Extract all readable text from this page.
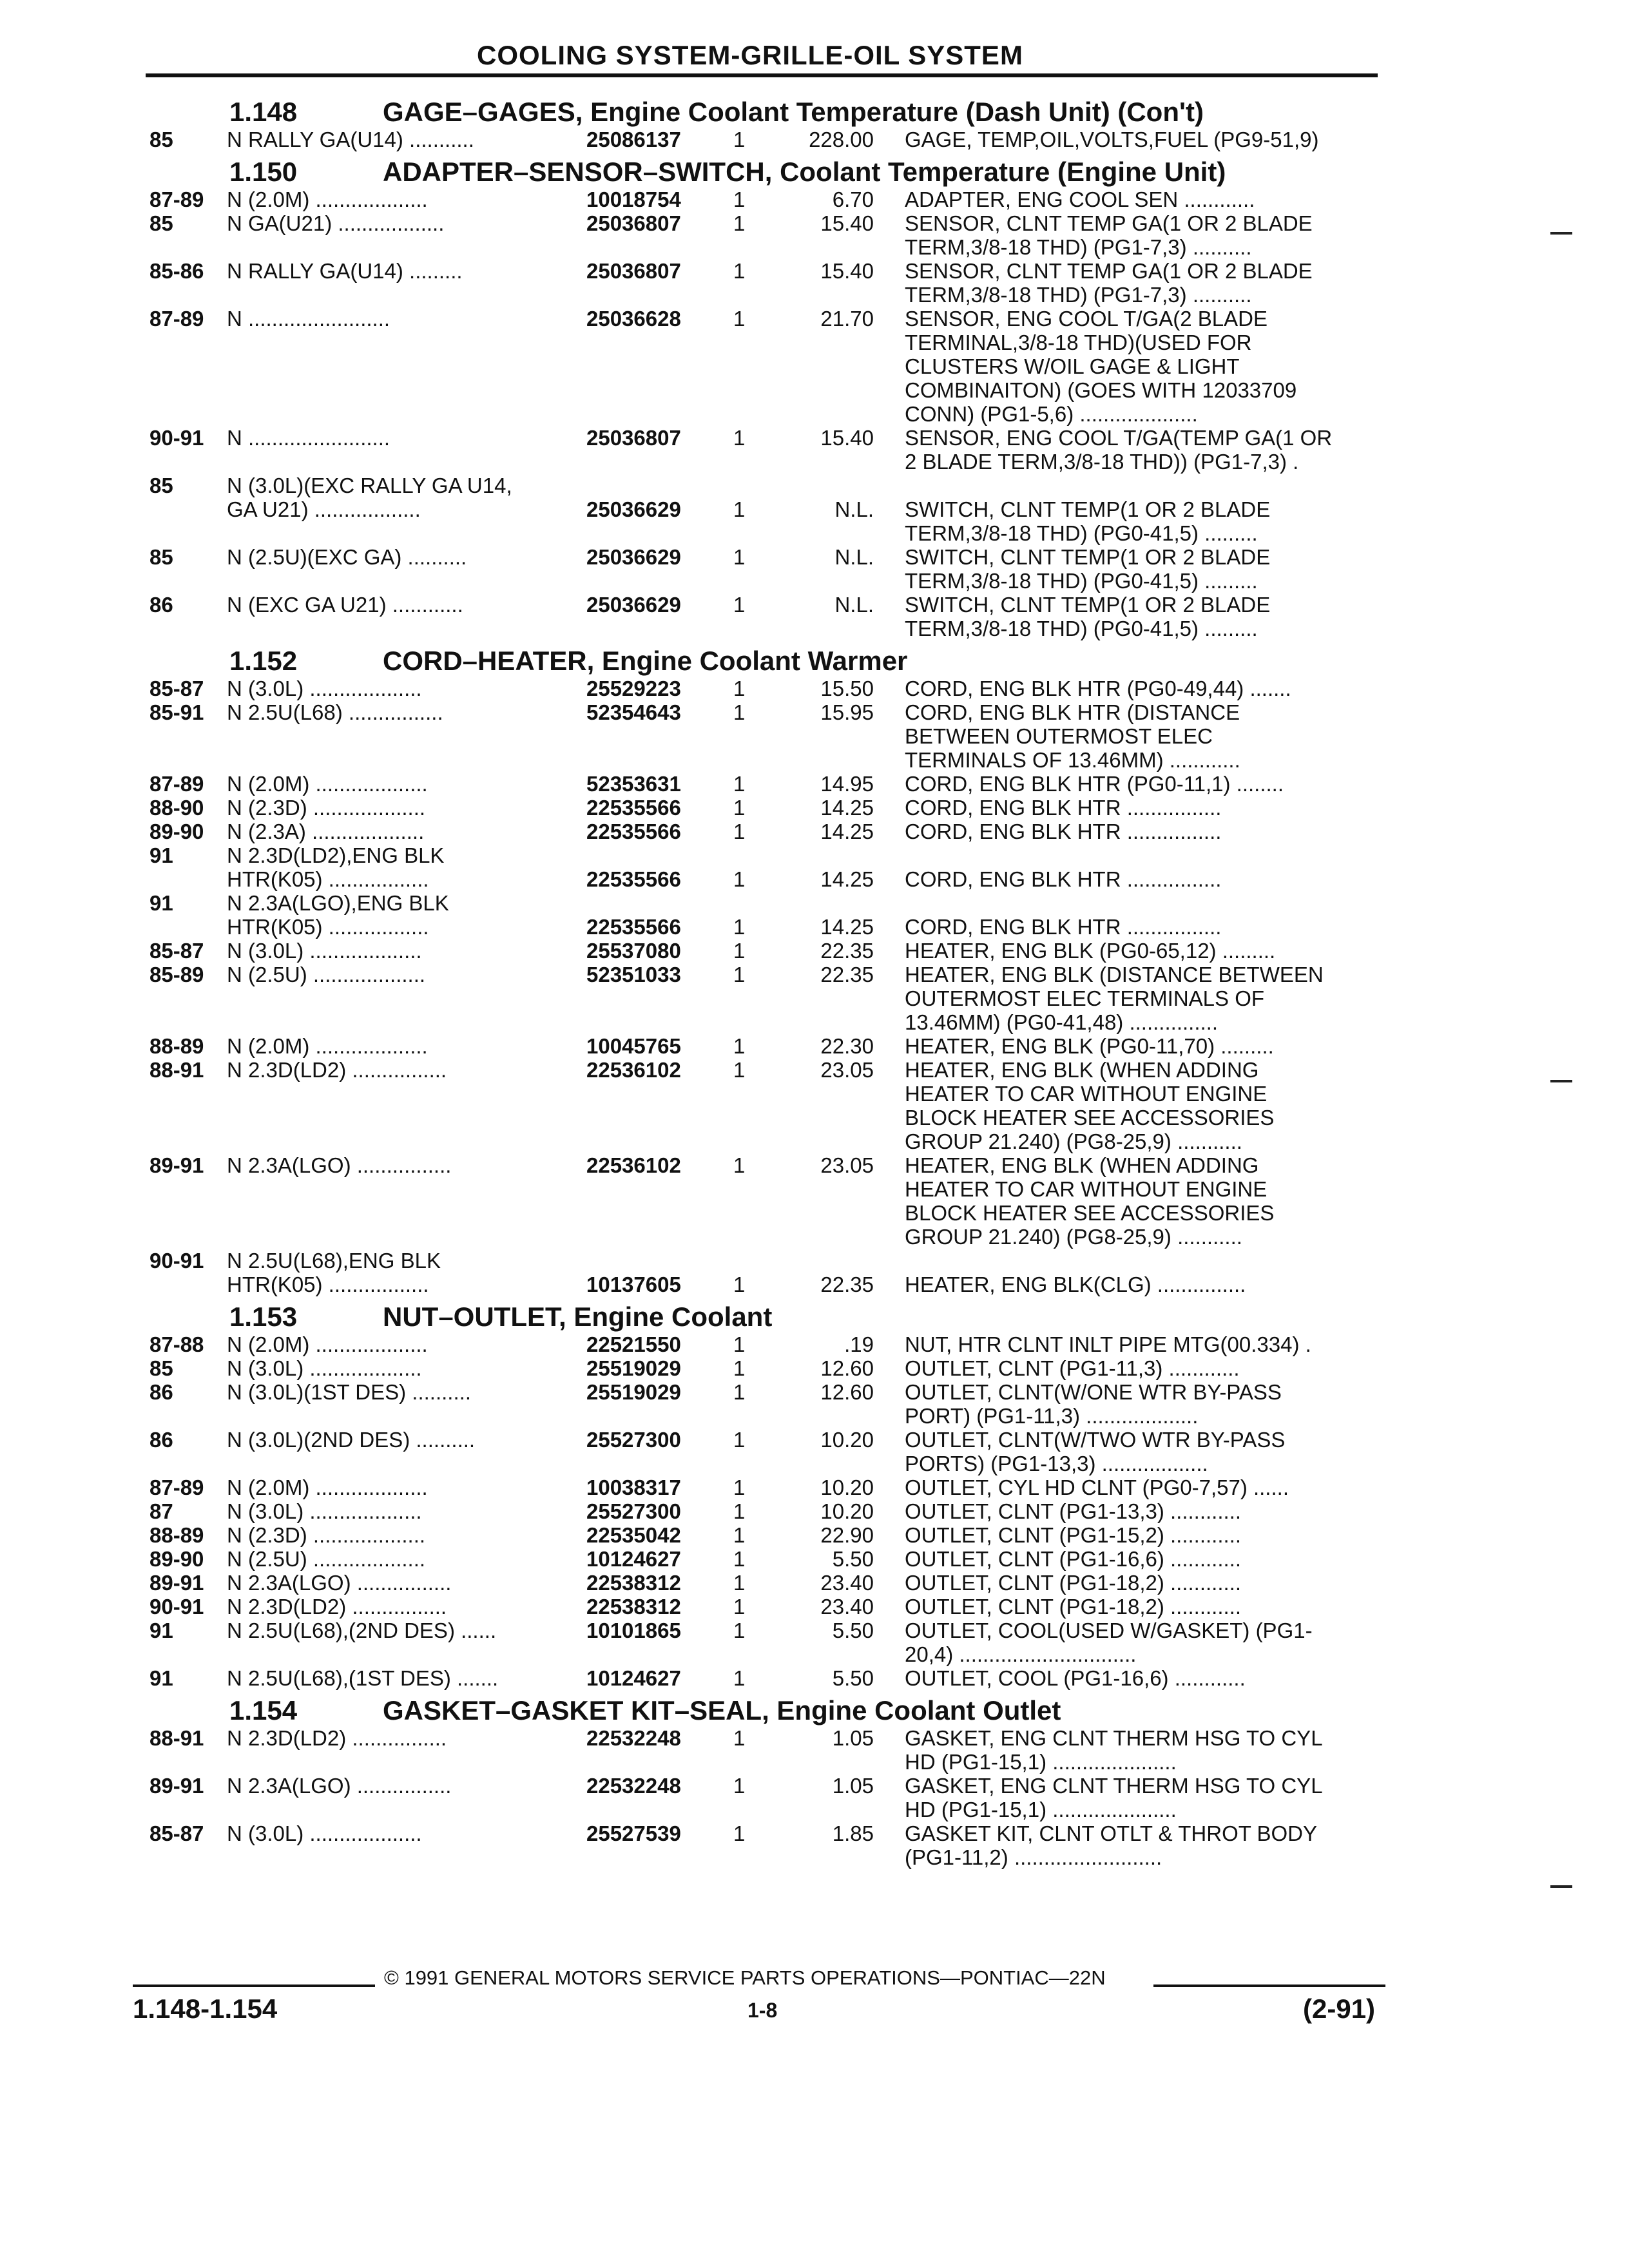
COOLING SYSTEM-GRILLE-OIL SYSTEM
1.148	GAGE–GAGES, Engine Coolant Temperature (Dash Unit) (Con't)
85	N RALLY GA(U14) ...........	25086137 1	228.00 GAGE, TEMP,OIL,VOLTS,FUEL (PG9-51,9)
1.150	ADAPTER–SENSOR–SWITCH, Coolant Temperature (Engine Unit)
87-89 N (2.0M) ...................	10018754 1	6.70 ADAPTER, ENG COOL SEN ............
85	N GA(U21) ..................	25036807 1	15.40 SENSOR, CLNT TEMP GA(1 OR 2 BLADE
TERM,3/8-18 THD) (PG1-7,3) ..........
85-86 N RALLY GA(U14) .........	25036807 1	15.40 SENSOR, CLNT TEMP GA(1 OR 2 BLADE
TERM,3/8-18 THD) (PG1-7,3) ..........
87-89 N ........................	25036628 1	21.70 SENSOR, ENG COOL T/GA(2 BLADE
TERMINAL,3/8-18 THD)(USED FOR
CLUSTERS W/OIL GAGE & LIGHT
COMBINAITON) (GOES WITH 12033709
CONN) (PG1-5,6) ....................
90-91 N ........................	25036807 1	15.40 SENSOR, ENG COOL T/GA(TEMP GA(1 OR
2 BLADE TERM,3/8-18 THD)) (PG1-7,3) .
85	N (3.0L)(EXC RALLY GA U14,
GA U21) ..................	25036629 1	N.L. SWITCH, CLNT TEMP(1 OR 2 BLADE
TERM,3/8-18 THD) (PG0-41,5) .........
85	N (2.5U)(EXC GA) ..........	25036629 1	N.L. SWITCH, CLNT TEMP(1 OR 2 BLADE
TERM,3/8-18 THD) (PG0-41,5) .........
86	N (EXC GA U21) ............	25036629 1	N.L. SWITCH, CLNT TEMP(1 OR 2 BLADE
TERM,3/8-18 THD) (PG0-41,5) .........
1.152	CORD–HEATER, Engine Coolant Warmer
85-87 N (3.0L) ...................	25529223 1	15.50 CORD, ENG BLK HTR (PG0-49,44) .......
85-91 N 2.5U(L68) ................	52354643 1	15.95 CORD, ENG BLK HTR (DISTANCE
BETWEEN OUTERMOST ELEC
TERMINALS OF 13.46MM) ............
87-89 N (2.0M) ...................	52353631 1	14.95 CORD, ENG BLK HTR (PG0-11,1) ........
88-90 N (2.3D) ...................	22535566 1	14.25 CORD, ENG BLK HTR ................
89-90 N (2.3A) ...................	22535566 1	14.25 CORD, ENG BLK HTR ................
91	N 2.3D(LD2),ENG BLK
HTR(K05) .................	22535566 1	14.25 CORD, ENG BLK HTR ................
91	N 2.3A(LGO),ENG BLK
HTR(K05) .................	22535566 1	14.25 CORD, ENG BLK HTR ................
85-87 N (3.0L) ...................	25537080 1	22.35 HEATER, ENG BLK (PG0-65,12) .........
85-89 N (2.5U) ...................	52351033 1	22.35 HEATER, ENG BLK (DISTANCE BETWEEN
OUTERMOST ELEC TERMINALS OF
13.46MM) (PG0-41,48) ...............
88-89 N (2.0M) ...................	10045765 1	22.30 HEATER, ENG BLK (PG0-11,70) .........
88-91 N 2.3D(LD2) ................	22536102 1	23.05 HEATER, ENG BLK (WHEN ADDING
HEATER TO CAR WITHOUT ENGINE
BLOCK HEATER SEE ACCESSORIES
GROUP 21.240) (PG8-25,9) ...........
89-91 N 2.3A(LGO) ................	22536102 1	23.05 HEATER, ENG BLK (WHEN ADDING
HEATER TO CAR WITHOUT ENGINE
BLOCK HEATER SEE ACCESSORIES
GROUP 21.240) (PG8-25,9) ...........
90-91 N 2.5U(L68),ENG BLK
HTR(K05) .................	10137605 1	22.35 HEATER, ENG BLK(CLG) ...............
1.153	NUT–OUTLET, Engine Coolant
87-88 N (2.0M) ...................	22521550 1	.19 NUT, HTR CLNT INLT PIPE MTG(00.334) .
85	N (3.0L) ...................	25519029 1	12.60 OUTLET, CLNT (PG1-11,3) ............
86	N (3.0L)(1ST DES) ..........	25519029 1	12.60 OUTLET, CLNT(W/ONE WTR BY-PASS
PORT) (PG1-11,3) ...................
86	N (3.0L)(2ND DES) ..........	25527300 1	10.20 OUTLET, CLNT(W/TWO WTR BY-PASS
PORTS) (PG1-13,3) ..................
87-89 N (2.0M) ...................	10038317 1	10.20 OUTLET, CYL HD CLNT (PG0-7,57) ......
87	N (3.0L) ...................	25527300 1	10.20 OUTLET, CLNT (PG1-13,3) ............
88-89 N (2.3D) ...................	22535042 1	22.90 OUTLET, CLNT (PG1-15,2) ............
89-90 N (2.5U) ...................	10124627 1	5.50 OUTLET, CLNT (PG1-16,6) ............
89-91 N 2.3A(LGO) ................	22538312 1	23.40 OUTLET, CLNT (PG1-18,2) ............
90-91 N 2.3D(LD2) ................	22538312 1	23.40 OUTLET, CLNT (PG1-18,2) ............
91	N 2.5U(L68),(2ND DES) ......	10101865 1	5.50 OUTLET, COOL(USED W/GASKET) (PG1-
20,4) ..............................
91	N 2.5U(L68),(1ST DES) .......	10124627 1	5.50 OUTLET, COOL (PG1-16,6) ............
1.154	GASKET–GASKET KIT–SEAL, Engine Coolant Outlet
88-91 N 2.3D(LD2) ................	22532248 1	1.05 GASKET, ENG CLNT THERM HSG TO CYL
HD (PG1-15,1) .....................
89-91 N 2.3A(LGO) ................	22532248 1	1.05 GASKET, ENG CLNT THERM HSG TO CYL
HD (PG1-15,1) .....................
85-87 N (3.0L) ...................	25527539 1	1.85 GASKET KIT, CLNT OTLT & THROT BODY
(PG1-11,2) .........................
© 1991 GENERAL MOTORS SERVICE PARTS OPERATIONS—PONTIAC—22N
1.148-1.154	1-8	(2-91)
